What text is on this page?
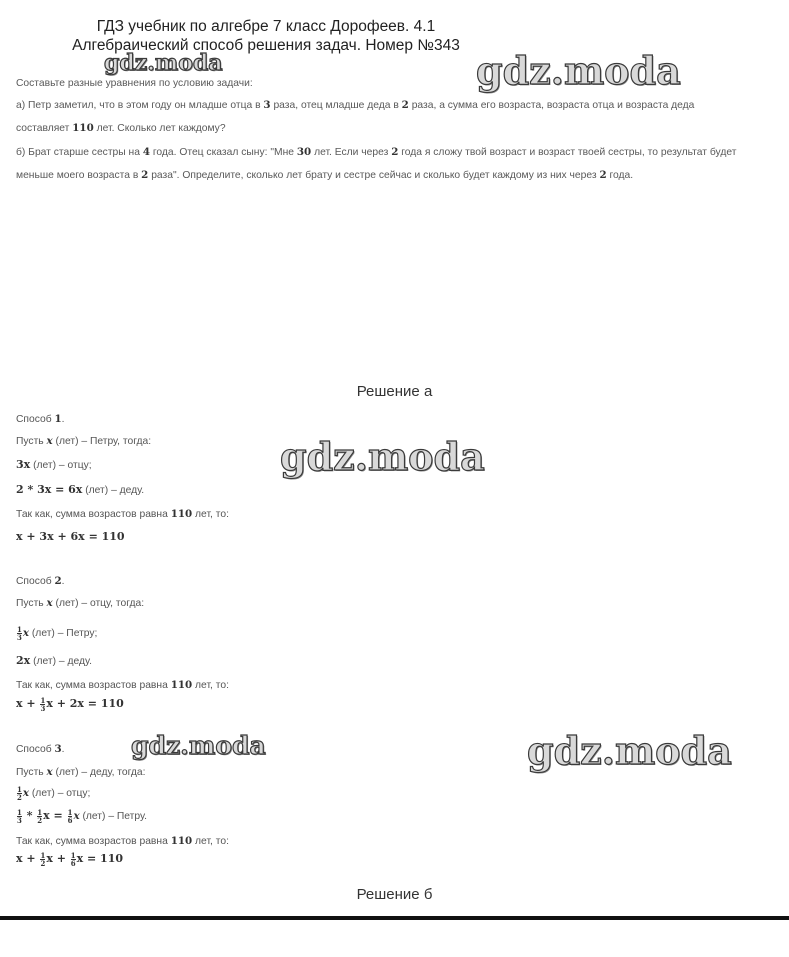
ГДЗ учебник по алгебре 7 класс Дорофеев. 4.1
Алгебраический способ решения задач. Номер №343
gdz.moda	gdz.moda
gdz.moda
gdz.moda	gdz.moda
Составьте разные уравнения по условию задачи:
а) Петр заметил, что в этом году он младше отца в 3 раза, отец младше деда в 2 раза, а сумма его возраста, возраста отца и возраста деда
составляет 110 лет. Сколько лет каждому?
б) Брат старше сестры на 4 года. Отец сказал сыну: "Мне 30 лет. Если через 2 года я сложу твой возраст и возраст твоей сестры, то результат будет
меньше моего возраста в 2 раза". Определите, сколько лет брату и сестре сейчас и сколько будет каждому из них через 2 года.
Решение а
Способ 1.
Пусть x (лет) – Петру, тогда:
3x (лет) – отцу;
2 * 3x = 6x (лет) – деду.
Так как, сумма возрастов равна 110 лет, то:
x + 3x + 6x = 110
Способ 2.
Пусть x (лет) – отцу, тогда:
$\frac{1}{3}$ x (лет) – Петру;
2x (лет) – деду.
Так как, сумма возрастов равна 110 лет, то:
$x + \frac{1}{3}$ x + 2x = 110
Способ 3.
Пусть x (лет) – деду, тогда:
$\frac{1}{2}$ x (лет) – отцу;
$\frac{1}{3} * \frac{1}{2}$ $x = \frac{1}{6}$ x (лет) – Петру.
Так как, сумма возрастов равна 110 лет, то:
$x + \frac{1}{2}$ $x + \frac{1}{6}$ x = 110
Решение б
